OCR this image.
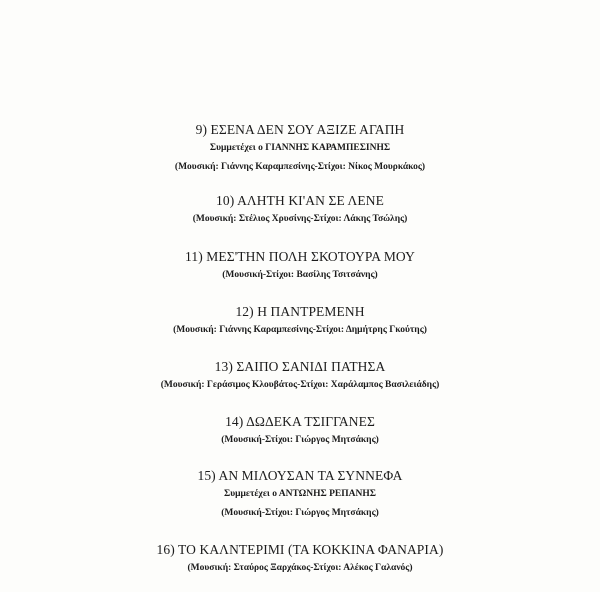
9) ΕΣΕΝΑ ΔΕΝ ΣΟΥ ΑΞΙΖΕ ΑΓΑΠΗ
Συμμετέχει ο ΓΙΑΝΝΗΣ ΚΑΡΑΜΠΕΣΙΝΗΣ
(Μουσική: Γιάννης Καραμπεσίνης-Στίχοι: Νίκος Μουρκάκος)
10) ΑΛΗΤΗ ΚΙ'ΑΝ ΣΕ ΛΕΝΕ
(Μουσική: Στέλιος Χρυσίνης-Στίχοι: Λάκης Τσώλης)
11) ΜΕΣ'ΤΗΝ ΠΟΛΗ ΣΚΟΤΟΥΡΑ ΜΟΥ
(Μουσική-Στίχοι: Βασίλης Τσιτσάνης)
12) Η ΠΑΝΤΡΕΜΕΝΗ
(Μουσική: Γιάννης Καραμπεσίνης-Στίχοι: Δημήτρης Γκούτης)
13) ΣΑΙΠΟ ΣΑΝΙΔΙ ΠΑΤΗΣΑ
(Μουσική: Γεράσιμος Κλουβάτος-Στίχοι: Χαράλαμπος Βασιλειάδης)
14) ΔΩΔΕΚΑ ΤΣΙΓΓΑΝΕΣ
(Μουσική-Στίχοι: Γιώργος Μητσάκης)
15) ΑΝ ΜΙΛΟΥΣΑΝ ΤΑ ΣΥΝΝΕΦΑ
Συμμετέχει ο ΑΝΤΩΝΗΣ ΡΕΠΑΝΗΣ
(Μουσική-Στίχοι: Γιώργος Μητσάκης)
16) ΤΟ ΚΑΛΝΤΕΡΙΜΙ (ΤΑ ΚΟΚΚΙΝΑ ΦΑΝΑΡΙΑ)
(Μουσική: Σταύρος Ξαρχάκος-Στίχοι: Αλέκος Γαλανός)
